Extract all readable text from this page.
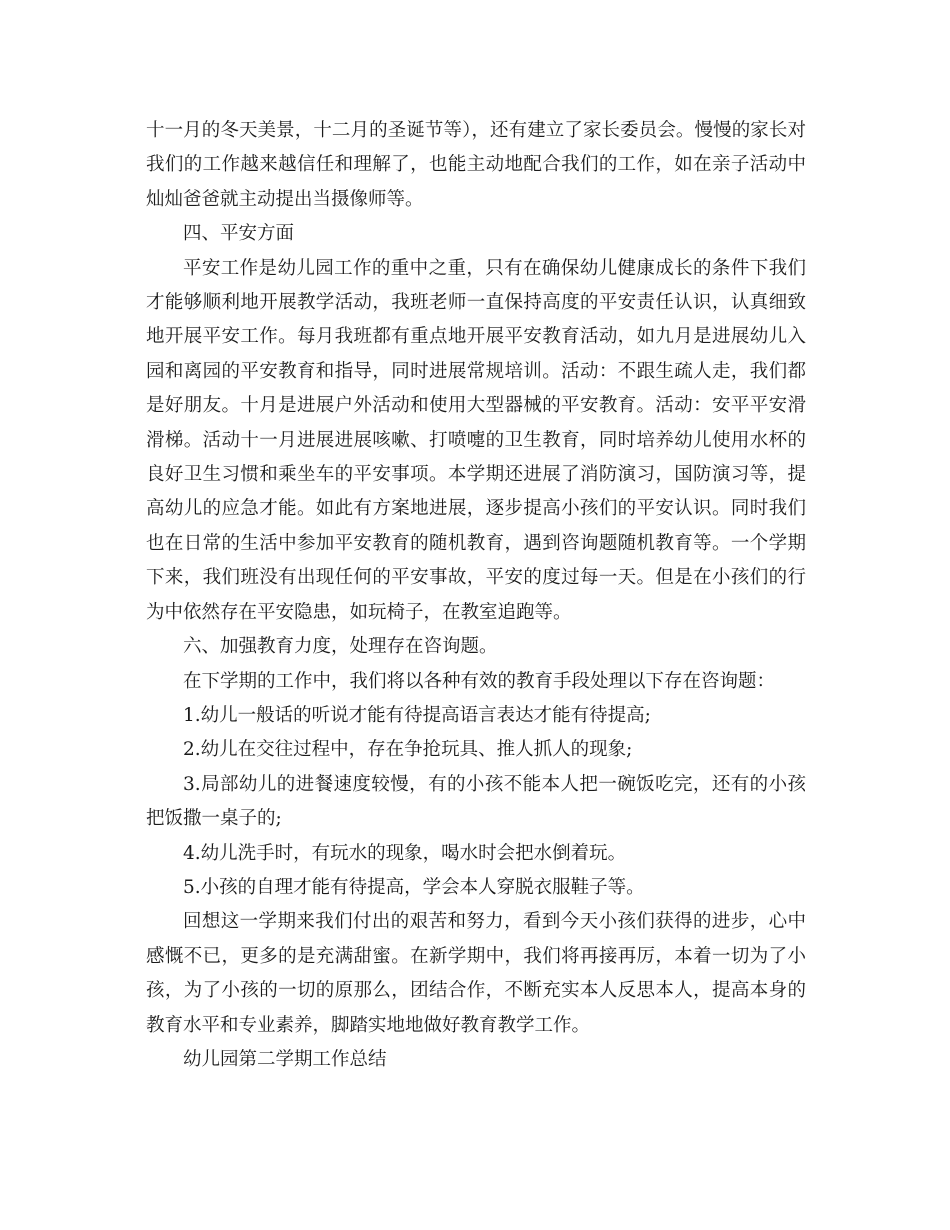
十一月的冬天美景，十二月的圣诞节等），还有建立了家长委员会。慢慢的家长对我们的工作越来越信任和理解了，也能主动地配合我们的工作，如在亲子活动中灿灿爸爸就主动提出当摄像师等。

四、平安方面

平安工作是幼儿园工作的重中之重，只有在确保幼儿健康成长的条件下我们才能够顺利地开展教学活动，我班老师一直保持高度的平安责任认识，认真细致地开展平安工作。每月我班都有重点地开展平安教育活动，如九月是进展幼儿入园和离园的平安教育和指导，同时进展常规培训。活动：不跟生疏人走，我们都是好朋友。十月是进展户外活动和使用大型器械的平安教育。活动：安平平安滑滑梯。活动十一月进展进展咳嗽、打喷嚏的卫生教育，同时培养幼儿使用水杯的良好卫生习惯和乘坐车的平安事项。本学期还进展了消防演习，国防演习等，提高幼儿的应急才能。如此有方案地进展，逐步提高小孩们的平安认识。同时我们也在日常的生活中参加平安教育的随机教育，遇到咨询题随机教育等。一个学期下来，我们班没有出现任何的平安事故，平安的度过每一天。但是在小孩们的行为中依然存在平安隐患，如玩椅子，在教室追跑等。

六、加强教育力度，处理存在咨询题。

在下学期的工作中，我们将以各种有效的教育手段处理以下存在咨询题：

1.幼儿一般话的听说才能有待提高语言表达才能有待提高;

2.幼儿在交往过程中，存在争抢玩具、推人抓人的现象;

3.局部幼儿的进餐速度较慢，有的小孩不能本人把一碗饭吃完，还有的小孩把饭撒一桌子的;

4.幼儿洗手时，有玩水的现象，喝水时会把水倒着玩。

5.小孩的自理才能有待提高，学会本人穿脱衣服鞋子等。

回想这一学期来我们付出的艰苦和努力，看到今天小孩们获得的进步，心中感慨不已，更多的是充满甜蜜。在新学期中，我们将再接再厉，本着一切为了小孩，为了小孩的一切的原那么，团结合作，不断充实本人反思本人，提高本身的教育水平和专业素养，脚踏实地地做好教育教学工作。

幼儿园第二学期工作总结
